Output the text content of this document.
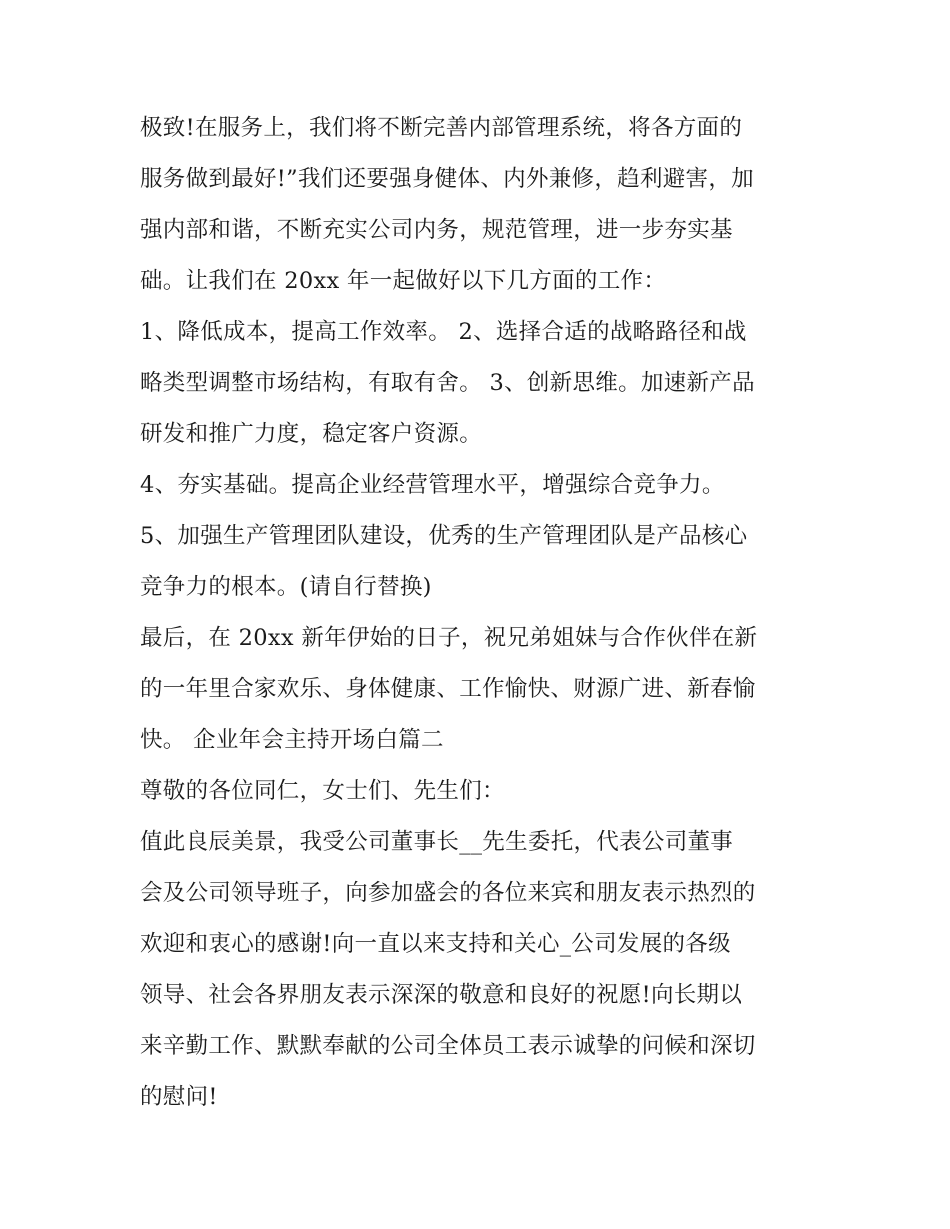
极致!在服务上，我们将不断完善内部管理系统，将各方面的
服务做到最好!”我们还要强身健体、内外兼修，趋利避害，加
强内部和谐，不断充实公司内务，规范管理，进一步夯实基
础。让我们在 20xx 年一起做好以下几方面的工作：
1、降低成本，提高工作效率。 2、选择合适的战略路径和战
略类型调整市场结构，有取有舍。 3、创新思维。加速新产品
研发和推广力度，稳定客户资源。
4、夯实基础。提高企业经营管理水平，增强综合竞争力。
5、加强生产管理团队建设，优秀的生产管理团队是产品核心
竞争力的根本。(请自行替换)
最后，在 20xx 新年伊始的日子，祝兄弟姐妹与合作伙伴在新
的一年里合家欢乐、身体健康、工作愉快、财源广进、新春愉
快。 企业年会主持开场白篇二
尊敬的各位同仁，女士们、先生们：
值此良辰美景，我受公司董事长__先生委托，代表公司董事
会及公司领导班子，向参加盛会的各位来宾和朋友表示热烈的
欢迎和衷心的感谢!向一直以来支持和关心_公司发展的各级
领导、社会各界朋友表示深深的敬意和良好的祝愿!向长期以
来辛勤工作、默默奉献的公司全体员工表示诚挚的问候和深切
的慰问!
